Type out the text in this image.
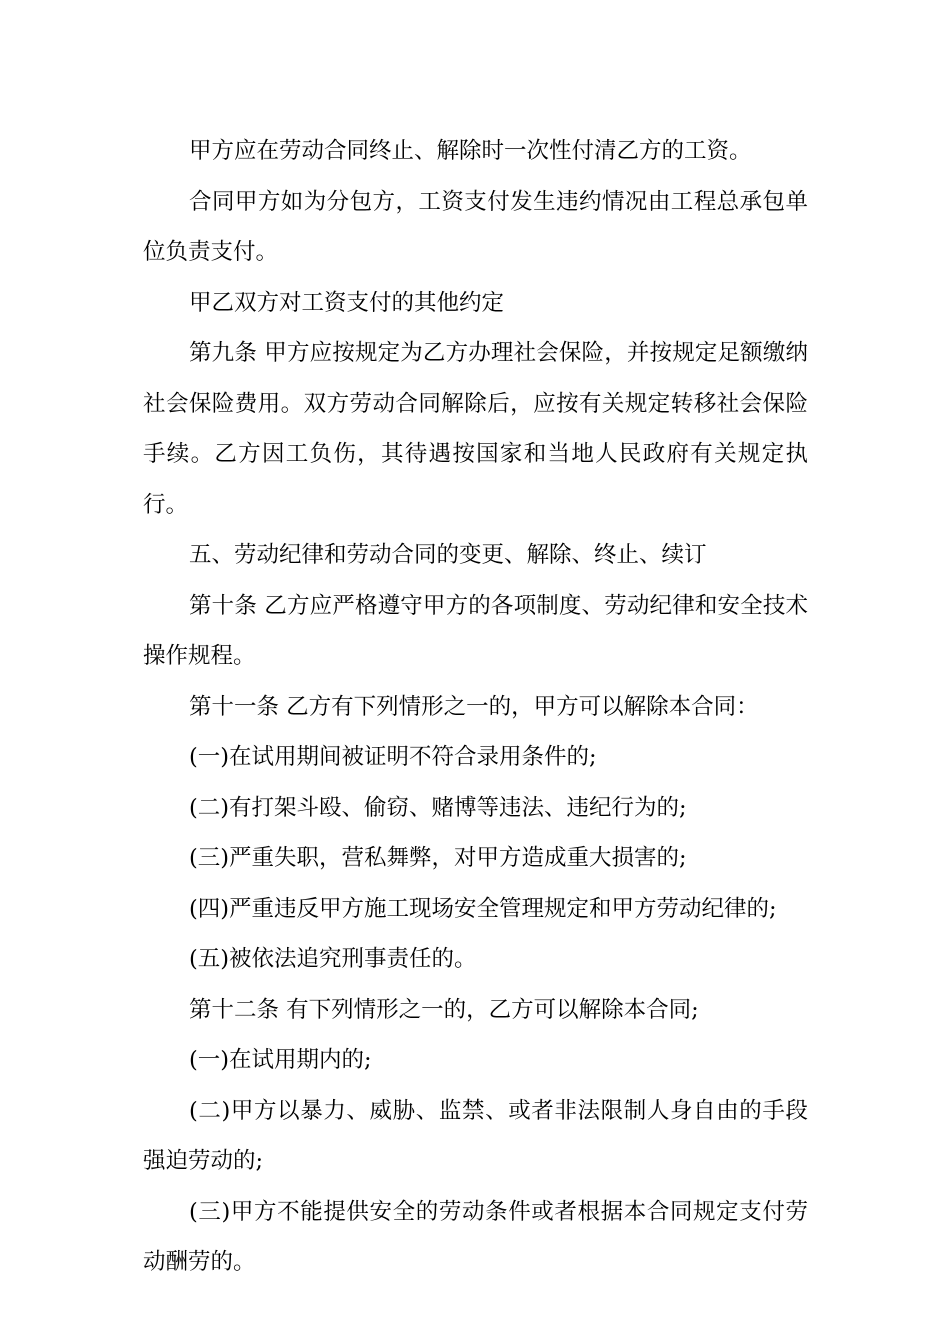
甲方应在劳动合同终止、解除时一次性付清乙方的工资。

合同甲方如为分包方，工资支付发生违约情况由工程总承包单位负责支付。

甲乙双方对工资支付的其他约定

第九条 甲方应按规定为乙方办理社会保险，并按规定足额缴纳社会保险费用。双方劳动合同解除后，应按有关规定转移社会保险手续。乙方因工负伤，其待遇按国家和当地人民政府有关规定执行。

五、劳动纪律和劳动合同的变更、解除、终止、续订

第十条 乙方应严格遵守甲方的各项制度、劳动纪律和安全技术操作规程。

第十一条 乙方有下列情形之一的，甲方可以解除本合同：

(一)在试用期间被证明不符合录用条件的;

(二)有打架斗殴、偷窃、赌博等违法、违纪行为的;

(三)严重失职，营私舞弊，对甲方造成重大损害的;

(四)严重违反甲方施工现场安全管理规定和甲方劳动纪律的;

(五)被依法追究刑事责任的。

第十二条 有下列情形之一的，乙方可以解除本合同;

(一)在试用期内的;

(二)甲方以暴力、威胁、监禁、或者非法限制人身自由的手段强迫劳动的;

(三)甲方不能提供安全的劳动条件或者根据本合同规定支付劳动酬劳的。
